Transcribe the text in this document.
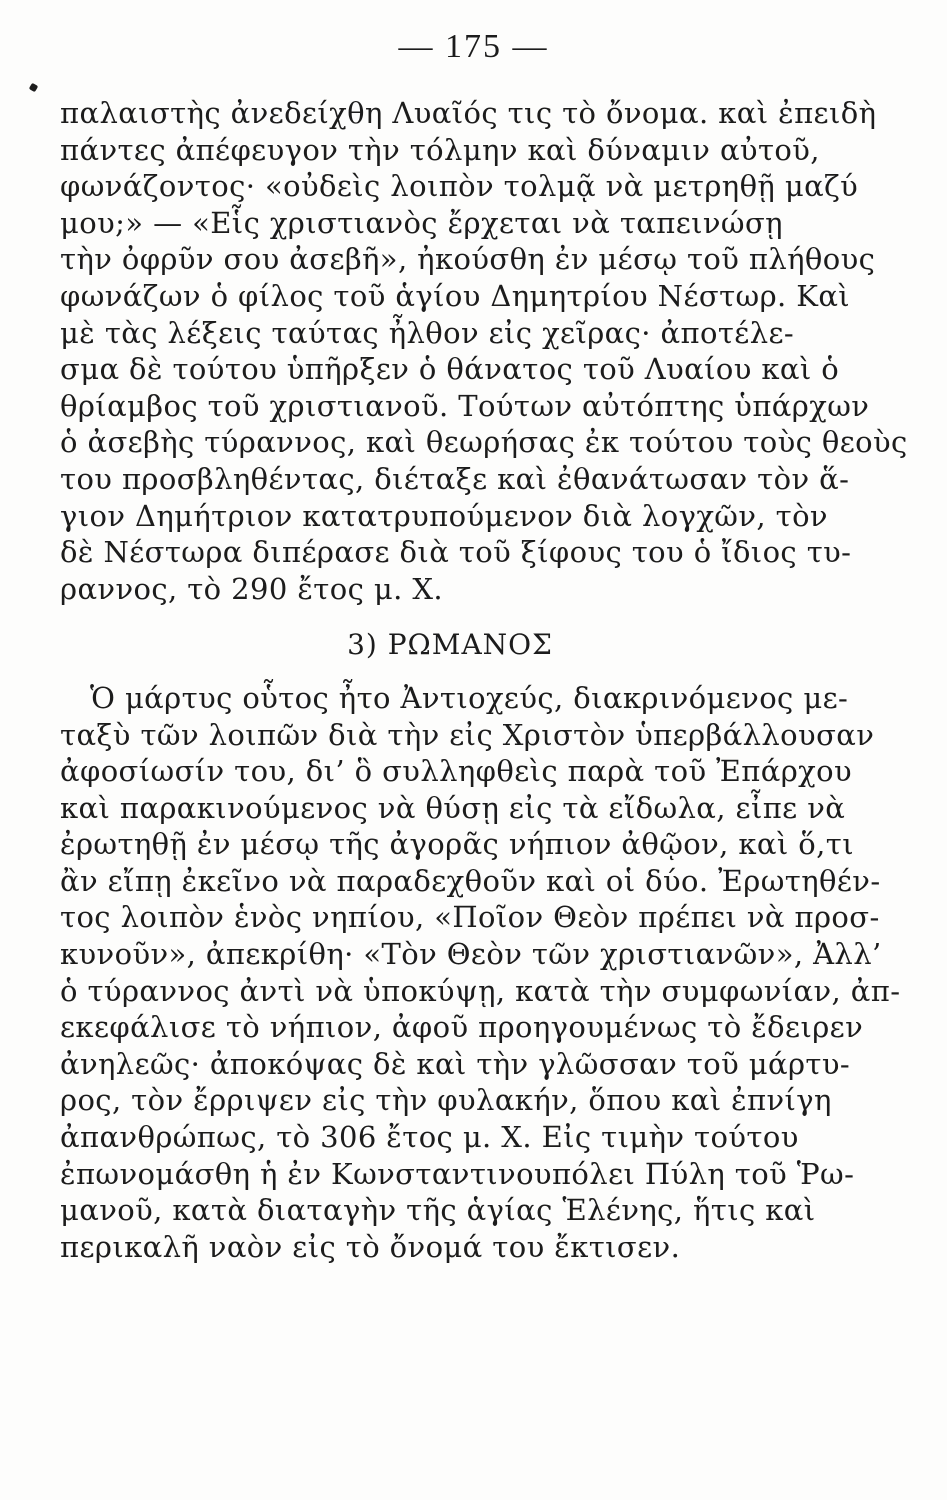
— 175 —
παλαιστὴς ἀνεδείχθη Λυαῖός τις τὸ ὄνομα. καὶ ἐπειδὴ
πάντες ἀπέφευγον τὴν τόλμην καὶ δύναμιν αὐτοῦ,
φωνάζοντος· «οὐδεὶς λοιπὸν τολμᾷ νὰ μετρηθῇ μαζύ
μου;» — «Εἷς χριστιανὸς ἔρχεται νὰ ταπεινώσῃ
τὴν ὀφρῦν σου ἀσεβῆ», ἠκούσθη ἐν μέσῳ τοῦ πλήθους
φωνάζων ὁ φίλος τοῦ ἁγίου Δημητρίου Νέστωρ. Καὶ
μὲ τὰς λέξεις ταύτας ἦλθον εἰς χεῖρας· ἀποτέλε-
σμα δὲ τούτου ὑπῆρξεν ὁ θάνατος τοῦ Λυαίου καὶ ὁ
θρίαμβος τοῦ χριστιανοῦ. Τούτων αὐτόπτης ὑπάρχων
ὁ ἀσεβὴς τύραννος, καὶ θεωρήσας ἐκ τούτου τοὺς θεοὺς
του προσβληθέντας, διέταξε καὶ ἐθανάτωσαν τὸν ἅ-
γιον Δημήτριον κατατρυπούμενον διὰ λογχῶν, τὸν
δὲ Νέστωρα διπέρασε διὰ τοῦ ξίφους του ὁ ἴδιος τυ-
ραννος, τὸ 290 ἔτος μ. Χ.
3) ΡΩΜΑΝΟΣ
Ὁ μάρτυς οὗτος ἦτο Ἀντιοχεύς, διακρινόμενος με-
ταξὺ τῶν λοιπῶν διὰ τὴν εἰς Χριστὸν ὑπερβάλλουσαν
ἀφοσίωσίν του, δι’ ὃ συλληφθεὶς παρὰ τοῦ Ἐπάρχου
καὶ παρακινούμενος νὰ θύσῃ εἰς τὰ εἴδωλα, εἶπε νὰ
ἐρωτηθῇ ἐν μέσῳ τῆς ἀγορᾶς νήπιον ἀθῷον, καὶ ὅ,τι
ἂν εἴπῃ ἐκεῖνο νὰ παραδεχθοῦν καὶ οἱ δύο. Ἐρωτηθέν-
τος λοιπὸν ἑνὸς νηπίου, «Ποῖον Θεὸν πρέπει νὰ προσ-
κυνοῦν», ἀπεκρίθη· «Τὸν Θεὸν τῶν χριστιανῶν», Ἀλλ’
ὁ τύραννος ἀντὶ νὰ ὑποκύψῃ, κατὰ τὴν συμφωνίαν, ἀπ-
εκεφάλισε τὸ νήπιον, ἀφοῦ προηγουμένως τὸ ἔδειρεν
ἀνηλεῶς· ἀποκόψας δὲ καὶ τὴν γλῶσσαν τοῦ μάρτυ-
ρος, τὸν ἔρριψεν εἰς τὴν φυλακήν, ὅπου καὶ ἐπνίγη
ἀπανθρώπως, τὸ 306 ἔτος μ. Χ. Εἰς τιμὴν τούτου
ἐπωνομάσθη ἡ ἐν Κωνσταντινουπόλει Πύλη τοῦ Ῥω-
μανοῦ, κατὰ διαταγὴν τῆς ἁγίας Ἑλένης, ἥτις καὶ
περικαλῆ ναὸν εἰς τὸ ὄνομά του ἔκτισεν.
